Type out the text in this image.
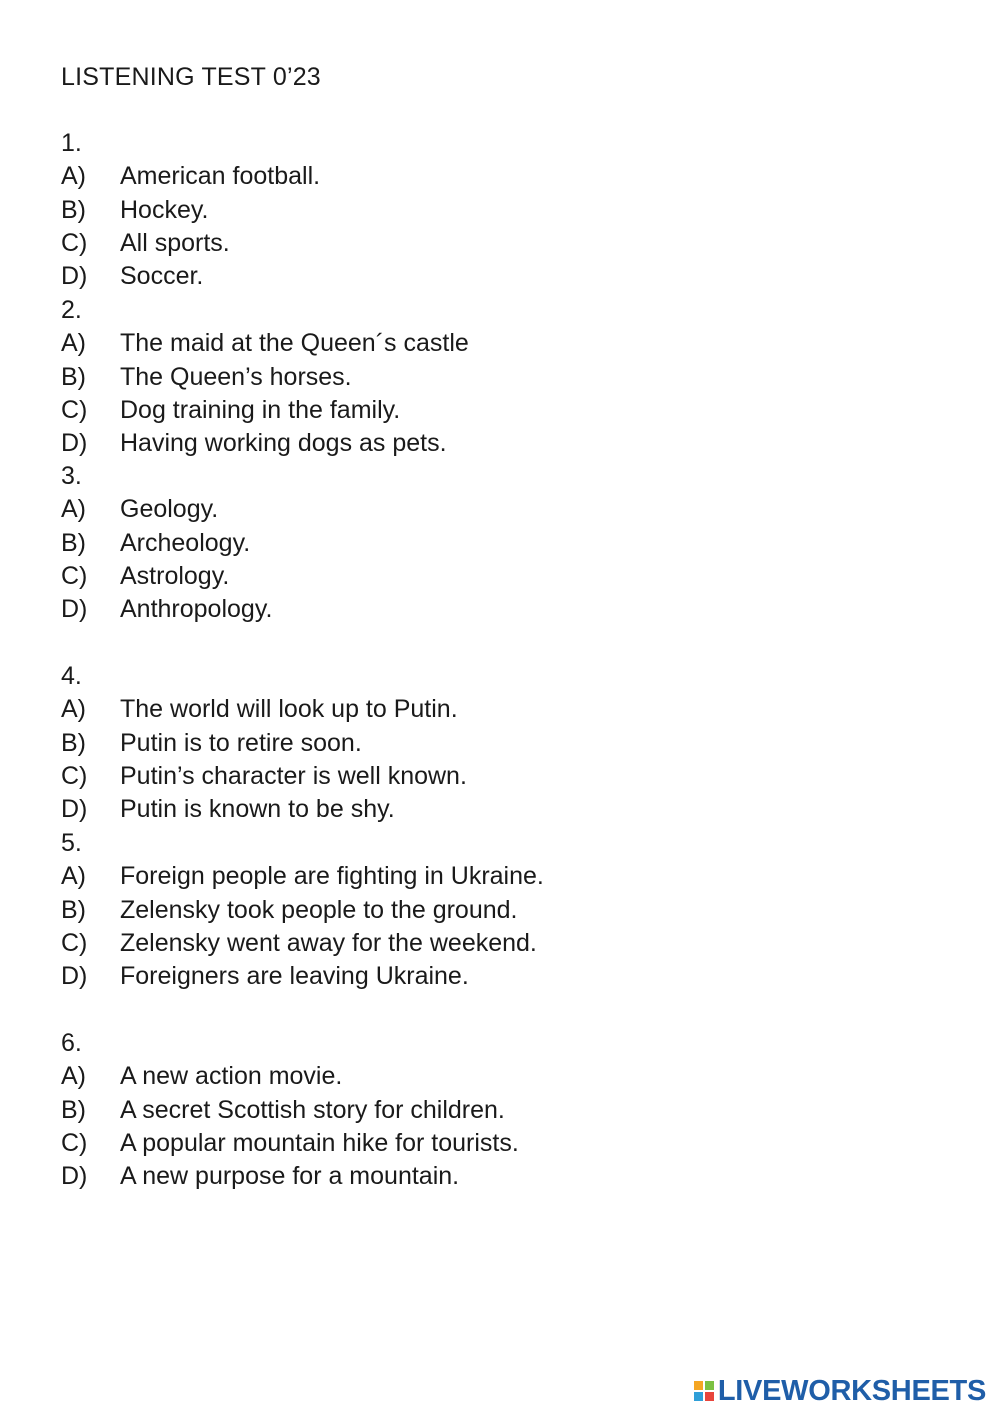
LISTENING TEST 0’23
1.
A)	American football.
B)	Hockey.
C)	All sports.
D)	Soccer.
2.
A)	The maid at the Queen´s castle
B)	The Queen’s horses.
C)	Dog training in the family.
D)	Having working dogs as pets.
3.
A)	Geology.
B)	Archeology.
C)	Astrology.
D)	Anthropology.
4.
A)	The world will look up to Putin.
B)	Putin is to retire soon.
C)	Putin’s character is well known.
D)	Putin is known to be shy.
5.
A)	Foreign people are fighting in Ukraine.
B)	Zelensky took people to the ground.
C)	Zelensky went away for the weekend.
D)	Foreigners are leaving Ukraine.
6.
A)	A new action movie.
B)	A secret Scottish story for children.
C)	A popular mountain hike for tourists.
D)	A new purpose for a mountain.
LIVEWORKSHEETS
